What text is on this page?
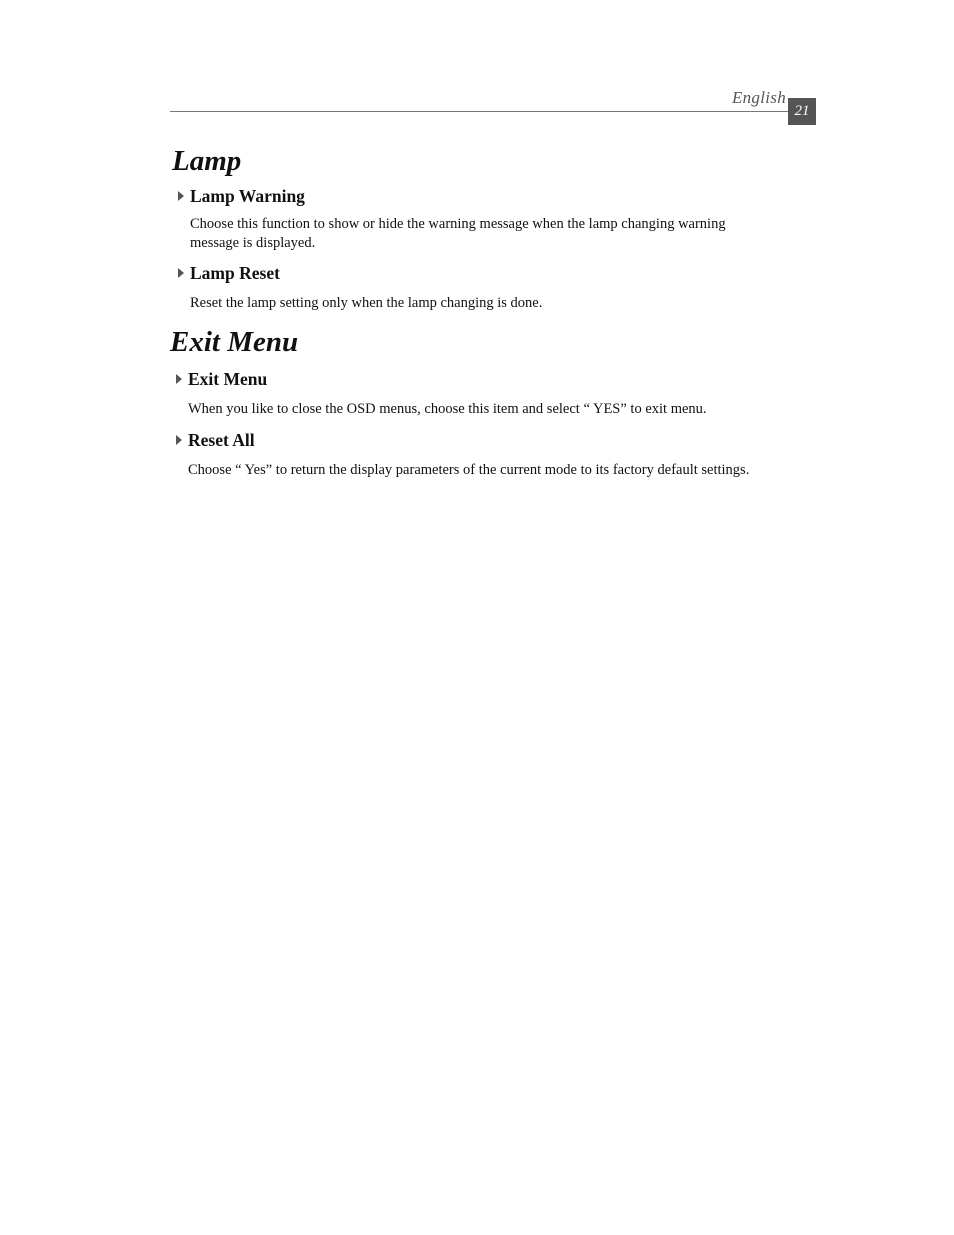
English
21
Lamp
Lamp Warning

Choose this function to show or hide the warning message when the lamp changing warning

message is displayed.

Lamp Reset

Reset the lamp setting only when the lamp changing is done.

Exit Menu
Exit Menu

When you like to close the OSD menus, choose this item and select “ YES” to exit menu.

Reset All

Choose “ Yes” to return the display parameters of the current mode to its factory default settings.
